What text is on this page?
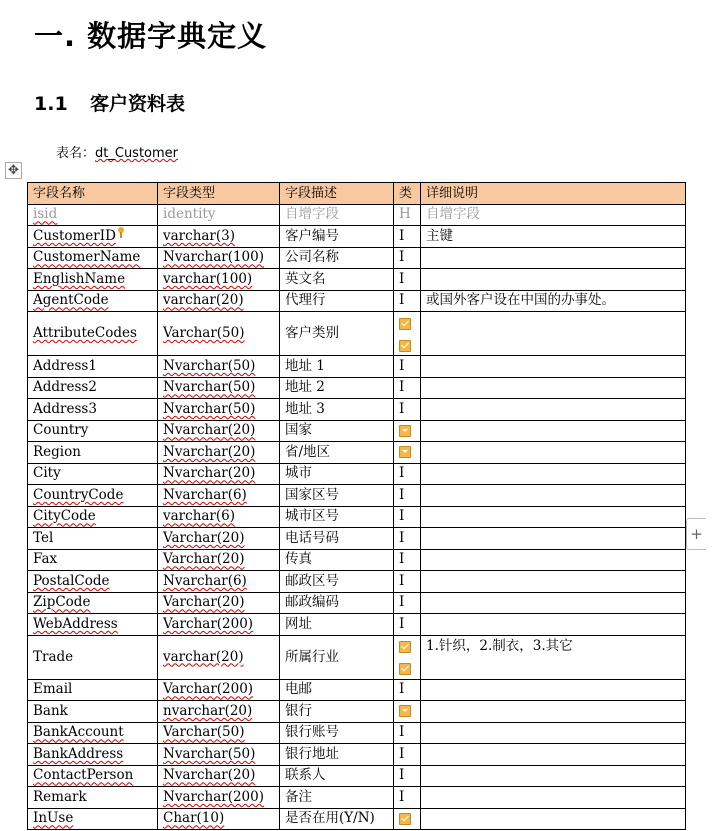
一. 数据字典定义
1.1 客户资料表
表名：dt_Customer
✥
+
字段名称	字段类型	字段描述	类	详细说明
isid	identity	自增字段	H	自增字段
CustomerID	varchar(3)	客户编号	I	主键
CustomerName	Nvarchar(100)	公司名称	I	
EnglishName	varchar(100)	英文名	I	
AgentCode	varchar(20)	代理行	I	或国外客户设在中国的办事处。
AttributeCodes	Varchar(50)	客户类别	

Address1	Nvarchar(50)	地址 1	I	
Address2	Nvarchar(50)	地址 2	I	
Address3	Nvarchar(50)	地址 3	I	
Country	Nvarchar(20)	国家		
Region	Nvarchar(20)	省/地区		
City	Nvarchar(20)	城市	I	
CountryCode	Nvarchar(6)	国家区号	I	
CityCode	varchar(6)	城市区号	I	
Tel	Varchar(20)	电话号码	I	
Fax	Varchar(20)	传真	I	
PostalCode	Nvarchar(6)	邮政区号	I	
ZipCode	Varchar(20)	邮政编码	I	
WebAddress	Varchar(200)	网址	I	
Trade	varchar(20)	所属行业		1.针织，2.制衣，3.其它
Email	Varchar(200)	电邮	I	
Bank	nvarchar(20)	银行		
BankAccount	Varchar(50)	银行账号	I	
BankAddress	Nvarchar(50)	银行地址	I	
ContactPerson	Nvarchar(20)	联系人	I	
Remark	Nvarchar(200)	备注	I	
InUse	Char(10)	是否在用(Y/N)		
